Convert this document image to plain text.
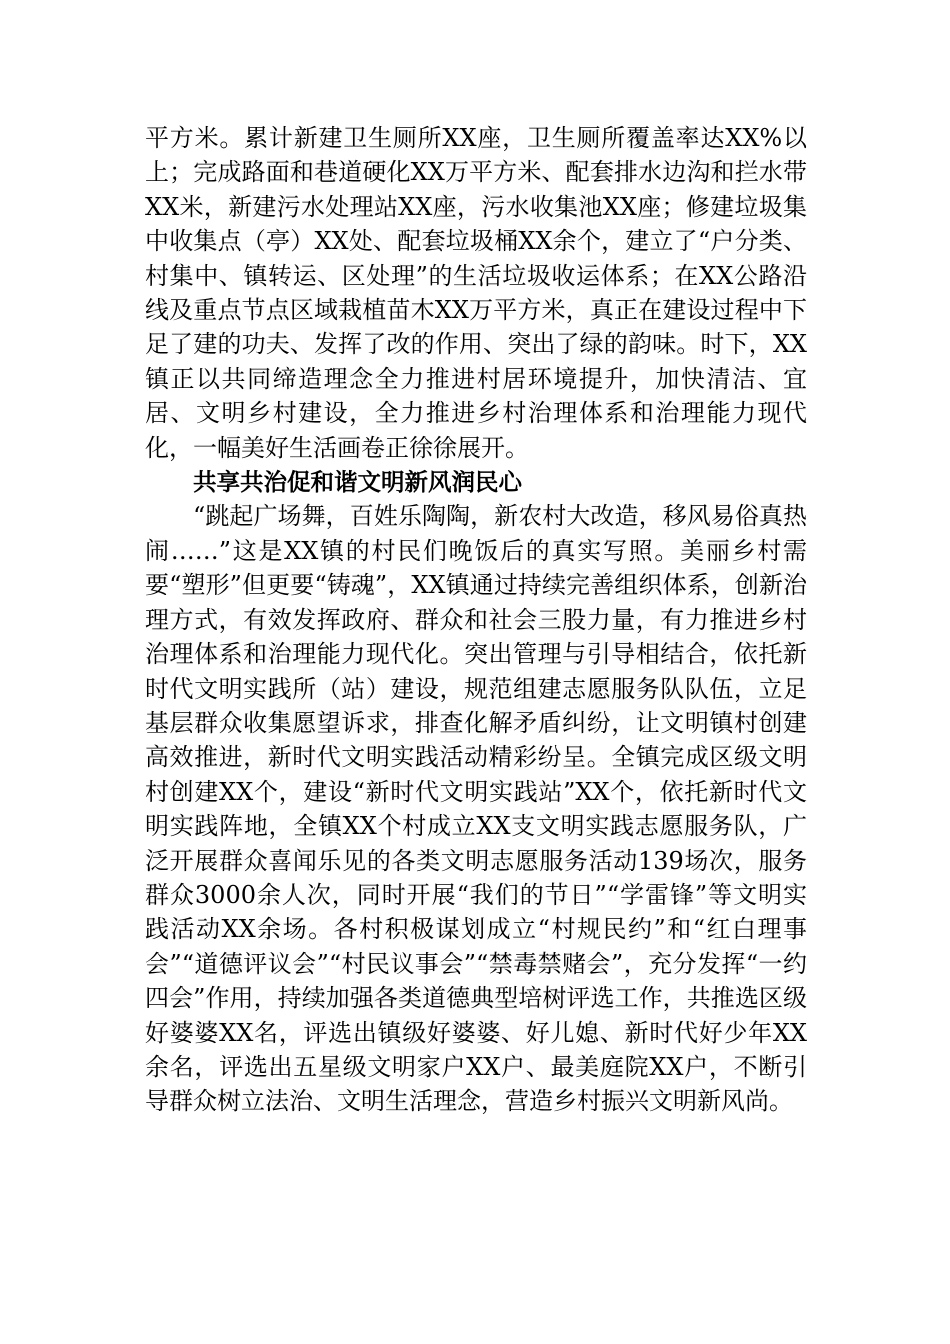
平方米。累计新建卫生厕所XX座，卫生厕所覆盖率达XX%以上；完成路面和巷道硬化XX万平方米、配套排水边沟和拦水带XX米，新建污水处理站XX座，污水收集池XX座；修建垃圾集中收集点（亭）XX处、配套垃圾桶XX余个，建立了“户分类、村集中、镇转运、区处理”的生活垃圾收运体系；在XX公路沿线及重点节点区域栽植苗木XX万平方米，真正在建设过程中下足了建的功夫、发挥了改的作用、突出了绿的韵味。时下，XX镇正以共同缔造理念全力推进村居环境提升，加快清洁、宜居、文明乡村建设，全力推进乡村治理体系和治理能力现代化，一幅美好生活画卷正徐徐展开。

共享共治促和谐文明新风润民心

“跳起广场舞，百姓乐陶陶，新农村大改造，移风易俗真热闹……”这是XX镇的村民们晚饭后的真实写照。美丽乡村需要“塑形”但更要“铸魂”，XX镇通过持续完善组织体系，创新治理方式，有效发挥政府、群众和社会三股力量，有力推进乡村治理体系和治理能力现代化。突出管理与引导相结合，依托新时代文明实践所（站）建设，规范组建志愿服务队队伍，立足基层群众收集愿望诉求，排查化解矛盾纠纷，让文明镇村创建高效推进，新时代文明实践活动精彩纷呈。全镇完成区级文明村创建XX个，建设“新时代文明实践站”XX个，依托新时代文明实践阵地，全镇XX个村成立XX支文明实践志愿服务队，广泛开展群众喜闻乐见的各类文明志愿服务活动139场次，服务群众3000余人次，同时开展“我们的节日”“学雷锋”等文明实践活动XX余场。各村积极谋划成立“村规民约”和“红白理事会”“道德评议会”“村民议事会”“禁毒禁赌会”，充分发挥“一约四会”作用，持续加强各类道德典型培树评选工作，共推选区级好婆婆XX名，评选出镇级好婆婆、好儿媳、新时代好少年XX余名，评选出五星级文明家户XX户、最美庭院XX户，不断引导群众树立法治、文明生活理念，营造乡村振兴文明新风尚。
